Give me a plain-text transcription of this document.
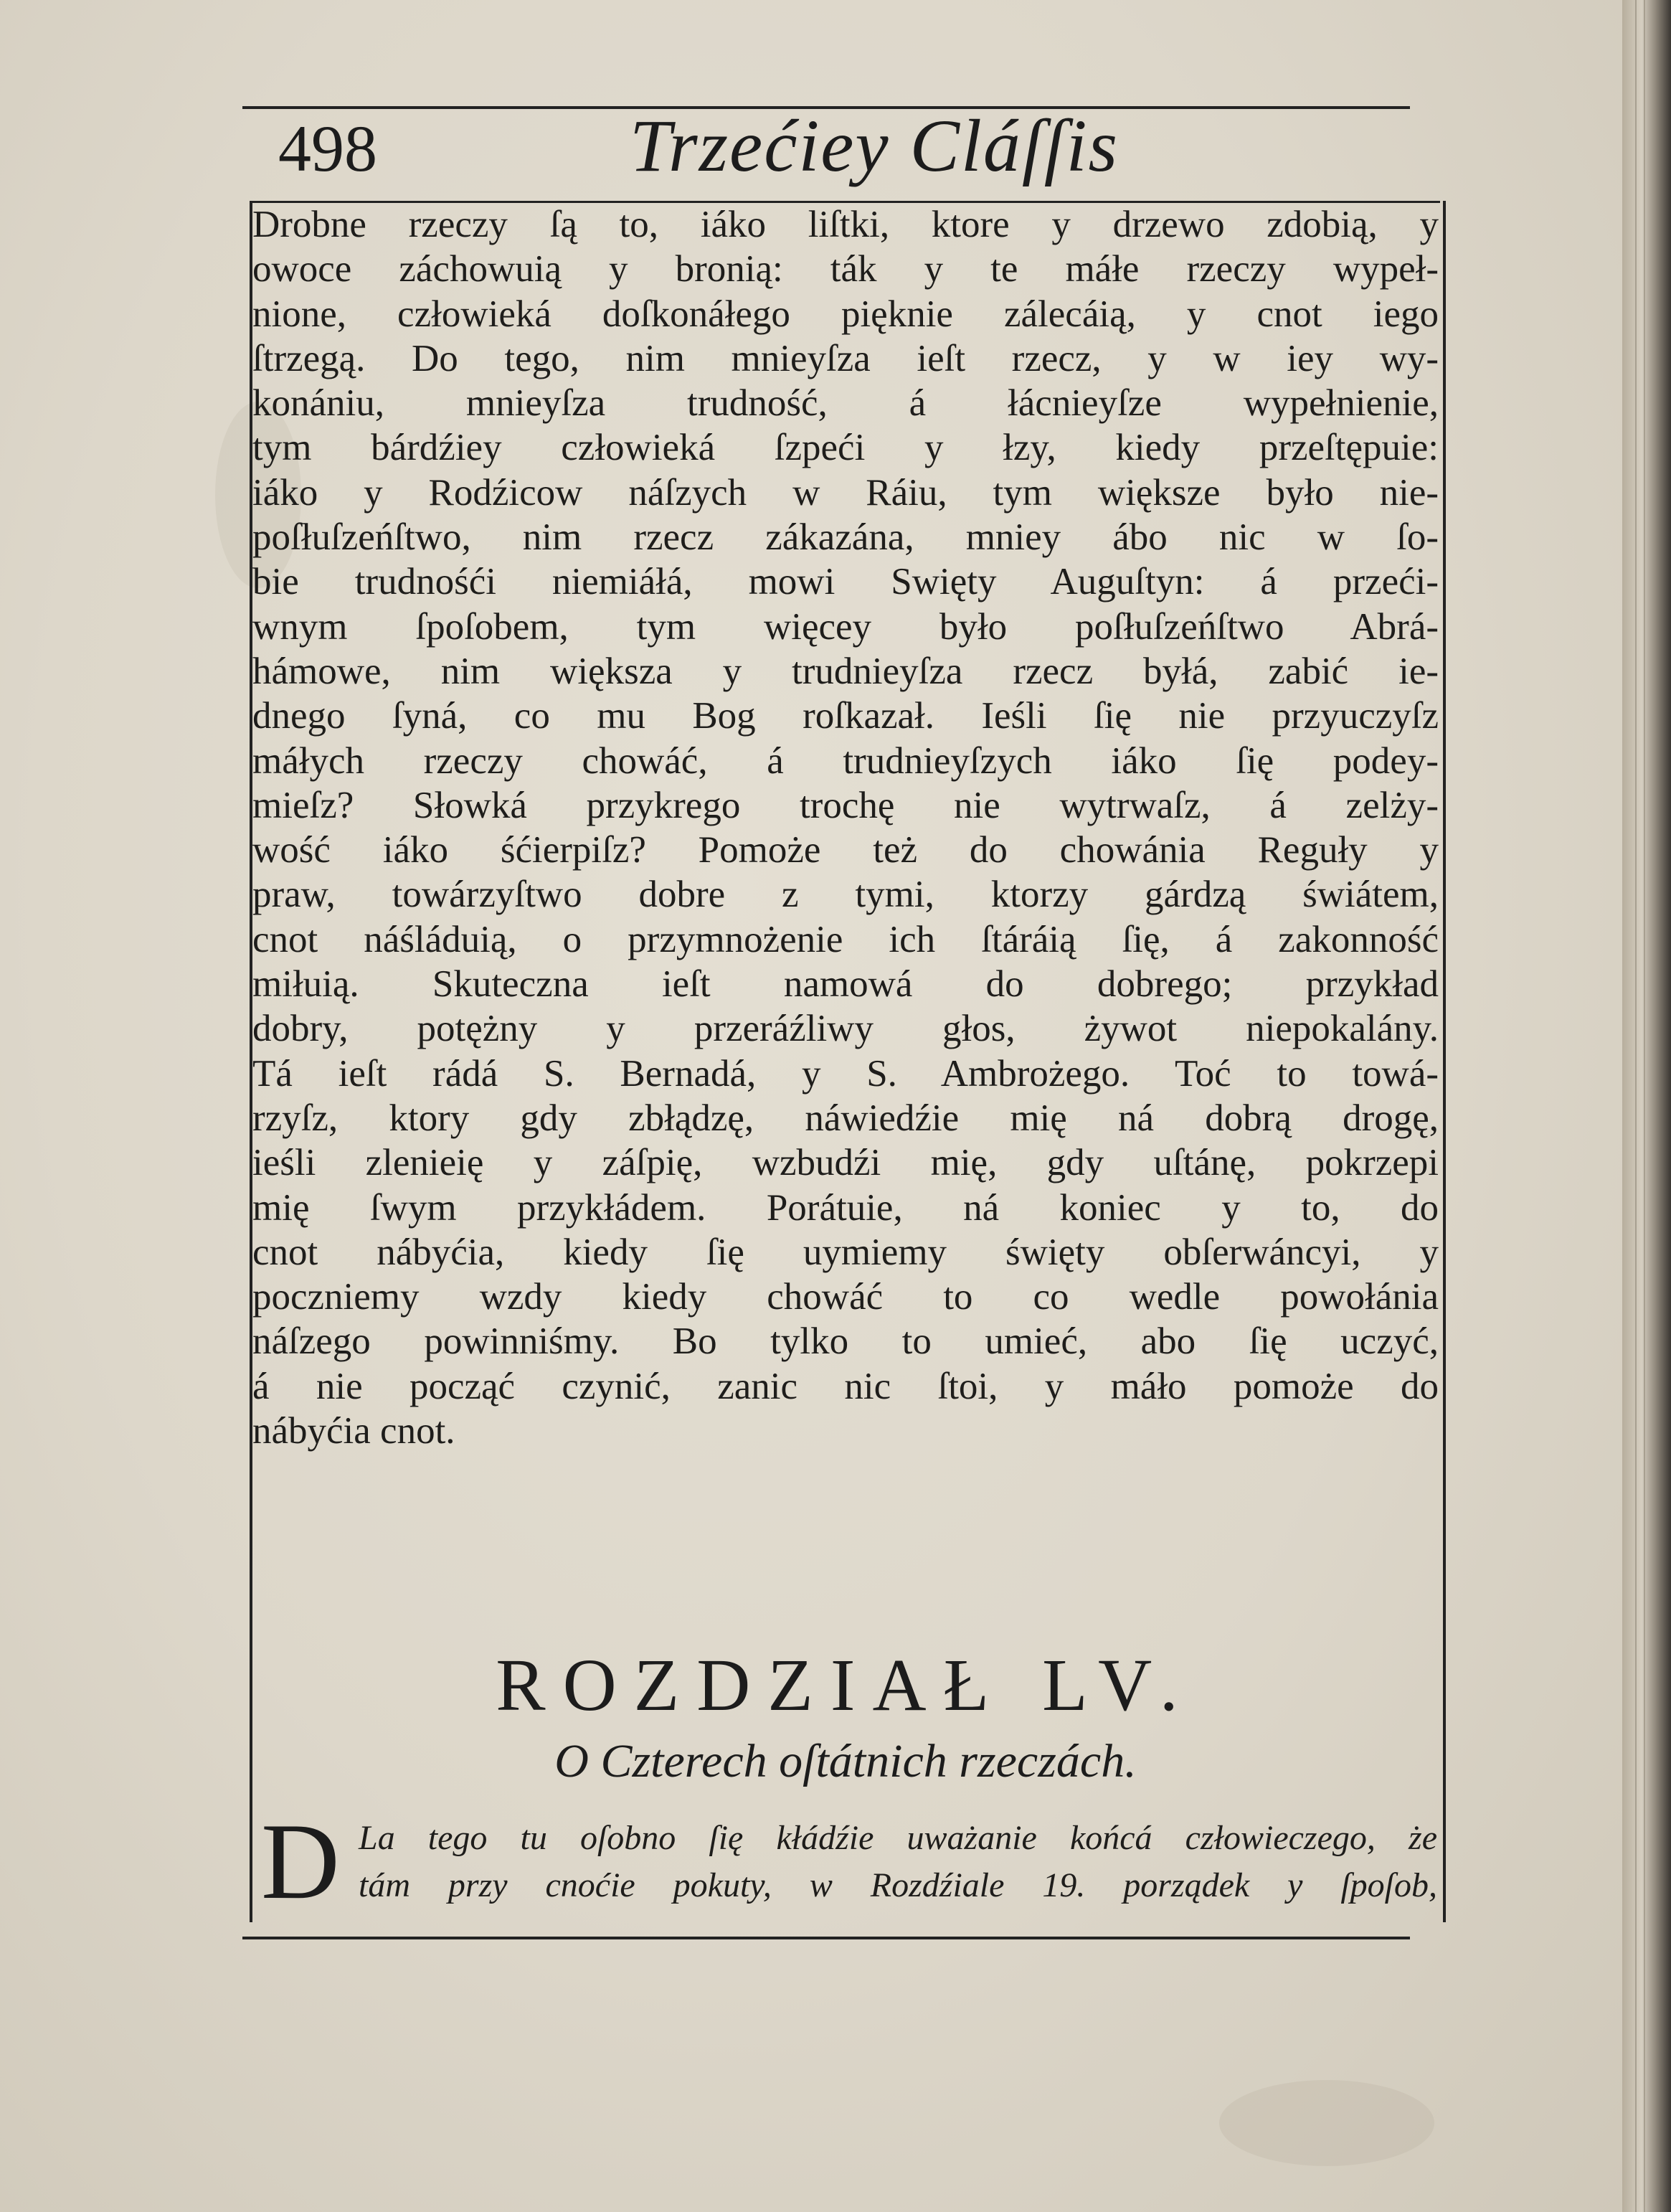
498	Trzećiey Cláſſis
Drobne rzeczy ſą to, iáko liſtki, ktore y drzewo zdobią, y
owoce záchowuią y bronią: ták y te máłe rzeczy wypeł-
nione, człowieká doſkonáłego pięknie zálecáią, y cnot iego
ſtrzegą. Do tego, nim mnieyſza ieſt rzecz, y w iey wy-
konániu, mnieyſza trudność, á łácnieyſze wypełnienie,
tym bárdźiey człowieká ſzpeći y łzy, kiedy przeſtępuie:
iáko y Rodźicow náſzych w Ráiu, tym większe było nie-
poſłuſzeńſtwo, nim rzecz zákazána, mniey ábo nic w ſo-
bie trudnośći niemiáłá, mowi Swięty Auguſtyn: á przeći-
wnym ſpoſobem, tym więcey było poſłuſzeńſtwo Abrá-
hámowe, nim większa y trudnieyſza rzecz byłá, zabić ie-
dnego ſyná, co mu Bog roſkazał. Ieśli ſię nie przyuczyſz
máłych rzeczy chowáć, á trudnieyſzych iáko ſię podey-
mieſz? Słowká przykrego trochę nie wytrwaſz, á zelży-
wość iáko śćierpiſz? Pomoże też do chowánia Reguły y
praw, towárzyſtwo dobre z tymi, ktorzy gárdzą świátem,
cnot náśláduią, o przymnożenie ich ſtáráią ſię, á zakonność
miłuią. Skuteczna ieſt namowá do dobrego; przykład
dobry, potężny y przeráźliwy głos, żywot niepokalány.
Tá ieſt rádá S. Bernadá, y S. Ambrożego. Toć to towá-
rzyſz, ktory gdy zbłądzę, náwiedźie mię ná dobrą drogę,
ieśli zlenieię y záſpię, wzbudźi mię, gdy uſtánę, pokrzepi
mię ſwym przykłádem. Porátuie, ná koniec y to, do
cnot nábyćia, kiedy ſię uymiemy święty obſerwáncyi, y
poczniemy wzdy kiedy chowáć to co wedle powołánia
náſzego powinniśmy. Bo tylko to umieć, abo ſię uczyć,
á nie począć czynić, zanic nic ſtoi, y máło pomoże do
nábyćia cnot.
ROZDZIAŁ LV.
O Czterech oſtátnich rzeczách.
D La tego tu oſobno ſię kłádźie uważanie końcá człowieczego, że
tám przy cnoćie pokuty, w Rozdźiale 19. porządek y ſpoſob,
